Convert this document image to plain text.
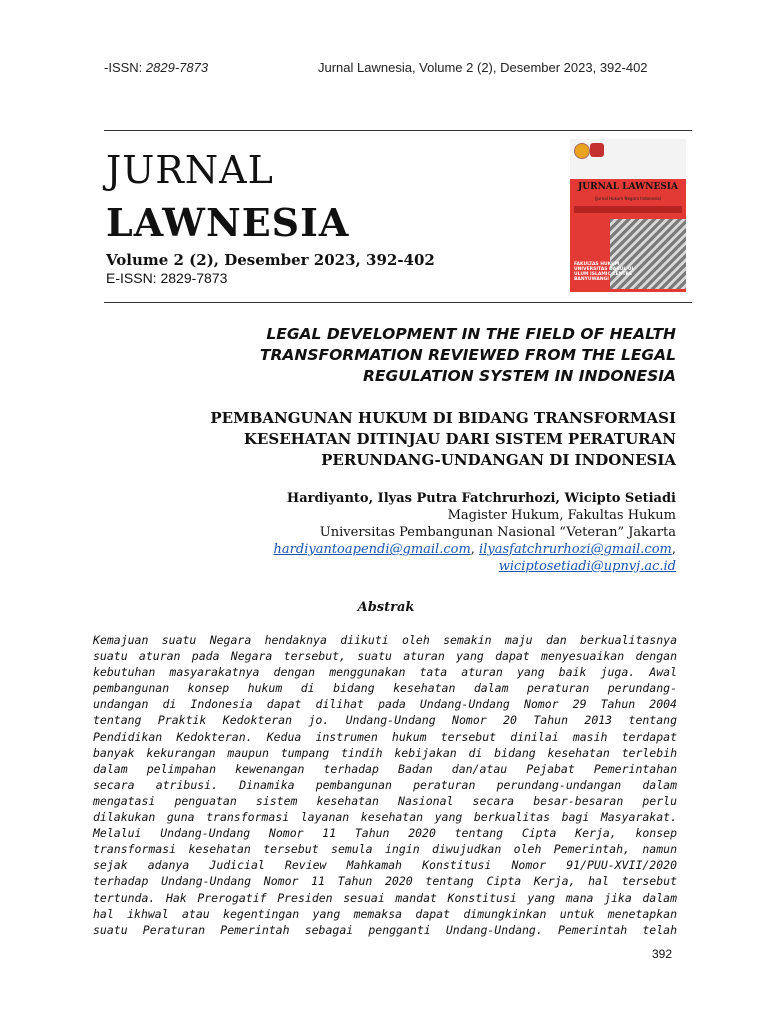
-ISSN: 2829-7873	Jurnal Lawnesia, Volume 2 (2), Desember 2023, 392-402
JURNAL
LAWNESIA
Volume 2 (2), Desember 2023, 392-402
E-ISSN: 2829-7873
JURNAL LAWNESIA
(Jurnal Hukum Negara Indonesia)
FAKULTAS HUKUM UNIVERSITAS DARUL UL ULUM ISLAMIC CENTRE BANYUWANGI
LEGAL DEVELOPMENT IN THE FIELD OF HEALTH
TRANSFORMATION REVIEWED FROM THE LEGAL
REGULATION SYSTEM IN INDONESIA
PEMBANGUNAN HUKUM DI BIDANG TRANSFORMASI
KESEHATAN DITINJAU DARI SISTEM PERATURAN
PERUNDANG-UNDANGAN DI INDONESIA
Hardiyanto, Ilyas Putra Fatchrurhozi, Wicipto Setiadi
Magister Hukum, Fakultas Hukum
Universitas Pembangunan Nasional “Veteran” Jakarta
hardiyantoapendi@gmail.com, ilyasfatchrurhozi@gmail.com,
wiciptosetiadi@upnvj.ac.id
Abstrak
Kemajuan suatu Negara hendaknya diikuti oleh semakin maju dan berkualitasnya
suatu aturan pada Negara tersebut, suatu aturan yang dapat menyesuaikan dengan
kebutuhan masyarakatnya dengan menggunakan tata aturan yang baik juga. Awal
pembangunan konsep hukum di bidang kesehatan dalam peraturan perundang-
undangan di Indonesia dapat dilihat pada Undang-Undang Nomor 29 Tahun 2004
tentang Praktik Kedokteran jo. Undang-Undang Nomor 20 Tahun 2013 tentang
Pendidikan Kedokteran. Kedua instrumen hukum tersebut dinilai masih terdapat
banyak kekurangan maupun tumpang tindih kebijakan di bidang kesehatan terlebih
dalam pelimpahan kewenangan terhadap Badan dan/atau Pejabat Pemerintahan
secara atribusi. Dinamika pembangunan peraturan perundang-undangan dalam
mengatasi penguatan sistem kesehatan Nasional secara besar-besaran perlu
dilakukan guna transformasi layanan kesehatan yang berkualitas bagi Masyarakat.
Melalui Undang-Undang Nomor 11 Tahun 2020 tentang Cipta Kerja, konsep
transformasi kesehatan tersebut semula ingin diwujudkan oleh Pemerintah, namun
sejak adanya Judicial Review Mahkamah Konstitusi Nomor 91/PUU-XVII/2020
terhadap Undang-Undang Nomor 11 Tahun 2020 tentang Cipta Kerja, hal tersebut
tertunda. Hak Prerogatif Presiden sesuai mandat Konstitusi yang mana jika dalam
hal ikhwal atau kegentingan yang memaksa dapat dimungkinkan untuk menetapkan
suatu Peraturan Pemerintah sebagai pengganti Undang-Undang. Pemerintah telah
392
